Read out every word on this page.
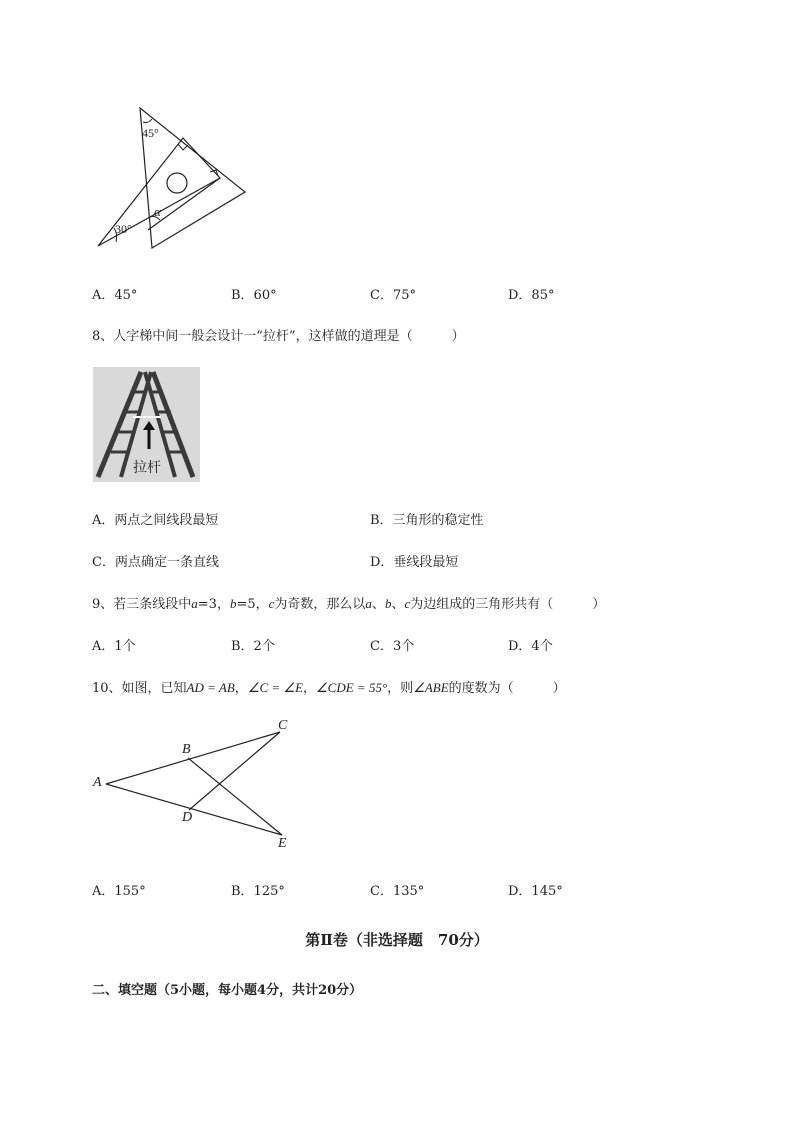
45°
30°
α
A．45°	B．60°	C．75°	D．85°
8、人字梯中间一般会设计一“拉杆”，这样做的道理是（　　　）
拉杆
A．两点之间线段最短	B．三角形的稳定性
C．两点确定一条直线	D．垂线段最短
9、若三条线段中a=3，b=5，c为奇数，那么以a、b、c为边组成的三角形共有（　　　）
A．1个	B．2个	C．3个	D．4个
10、如图，已知AD = AB，∠C = ∠E，∠CDE = 55°，则∠ABE的度数为（　　　）
A
B
C
D
E
A．155°	B．125°	C．135°	D．145°
第Ⅱ卷（非选择题　70分）
二、填空题（5小题，每小题4分，共计20分）
